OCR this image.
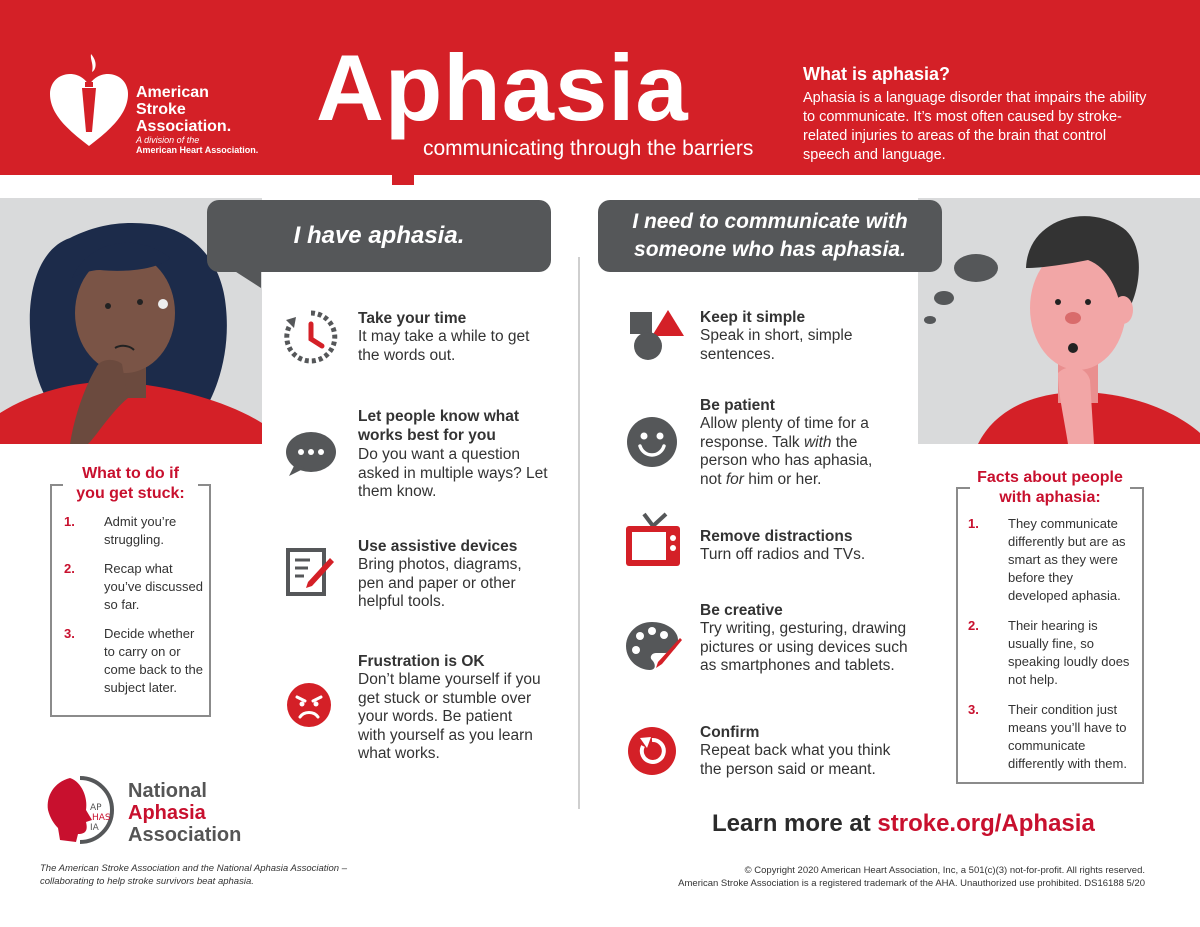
American
Stroke
Association.
A division of the
American Heart Association.
Aphasia
communicating through the barriers
What is aphasia?
Aphasia is a language disorder that impairs the ability to communicate. It’s most often caused by stroke-related injuries to areas of the brain that control speech and language.
I have aphasia.
I need to communicate with
someone who has aphasia.
Take your time
It may take a while to get the words out.
Let people know what works best for you
Do you want a question asked in multiple ways? Let them know.
Use assistive devices
Bring photos, diagrams, pen and paper or other helpful tools.
Frustration is OK
Don’t blame yourself if you get stuck or stumble over your words. Be patient with yourself as you learn what works.
What to do if
you get stuck:
1. Admit you’re struggling.
2. Recap what you’ve discussed so far.
3. Decide whether to carry on or come back to the subject later.
Keep it simple
Speak in short, simple sentences.
Be patient
Allow plenty of time for a response. Talk with the person who has aphasia, not for him or her.
Remove distractions
Turn off radios and TVs.
Be creative
Try writing, gesturing, drawing pictures or using devices such as smartphones and tablets.
Confirm
Repeat back what you think the person said or meant.
Facts about people
with aphasia:
1. They communicate differently but are as smart as they were before they developed aphasia.
2. Their hearing is usually fine, so speaking loudly does not help.
3. Their condition just means you’ll have to communicate differently with them.
AP
HAS
IA
National
Aphasia
Association
The American Stroke Association and the National Aphasia Association – collaborating to help stroke survivors beat aphasia.
Learn more at stroke.org/Aphasia
© Copyright 2020 American Heart Association, Inc, a 501(c)(3) not-for-profit. All rights reserved.
American Stroke Association is a registered trademark of the AHA. Unauthorized use prohibited. DS16188 5/20
